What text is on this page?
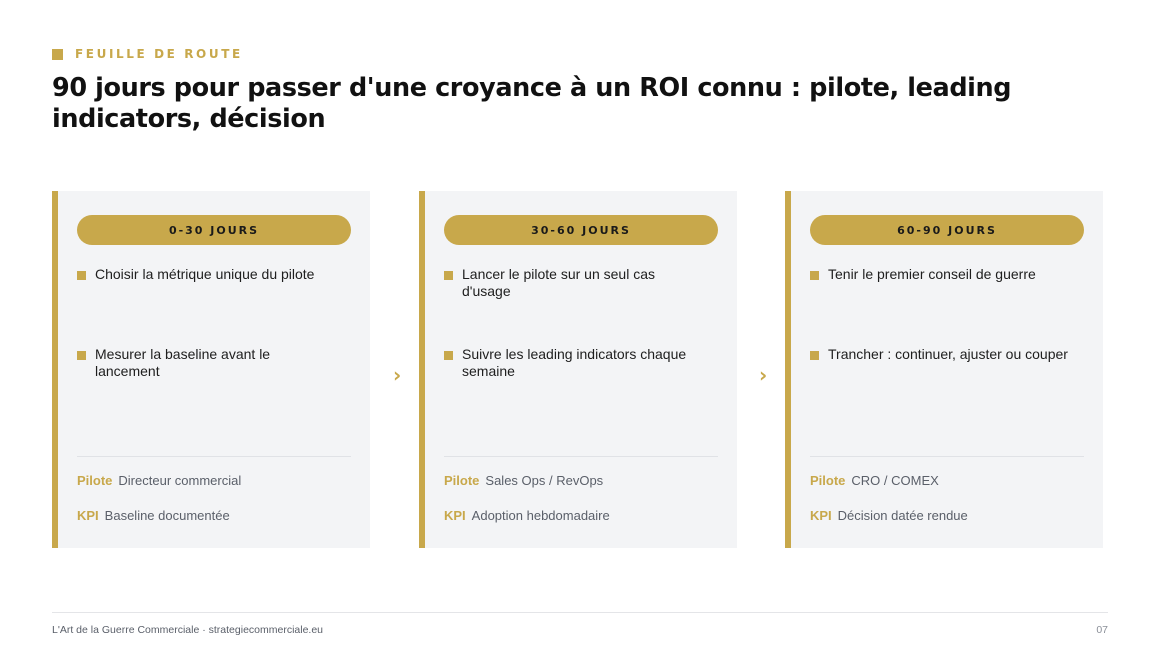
FEUILLE DE ROUTE
90 jours pour passer d'une croyance à un ROI connu : pilote, leading indicators, décision
0-30 JOURS
Choisir la métrique unique du pilote
Mesurer la baseline avant le lancement
Pilote Directeur commercial
KPI Baseline documentée
›
30-60 JOURS
Lancer le pilote sur un seul cas d'usage
Suivre les leading indicators chaque semaine
Pilote Sales Ops / RevOps
KPI Adoption hebdomadaire
›
60-90 JOURS
Tenir le premier conseil de guerre
Trancher : continuer, ajuster ou couper
Pilote CRO / COMEX
KPI Décision datée rendue
L'Art de la Guerre Commerciale · strategiecommerciale.eu	07
